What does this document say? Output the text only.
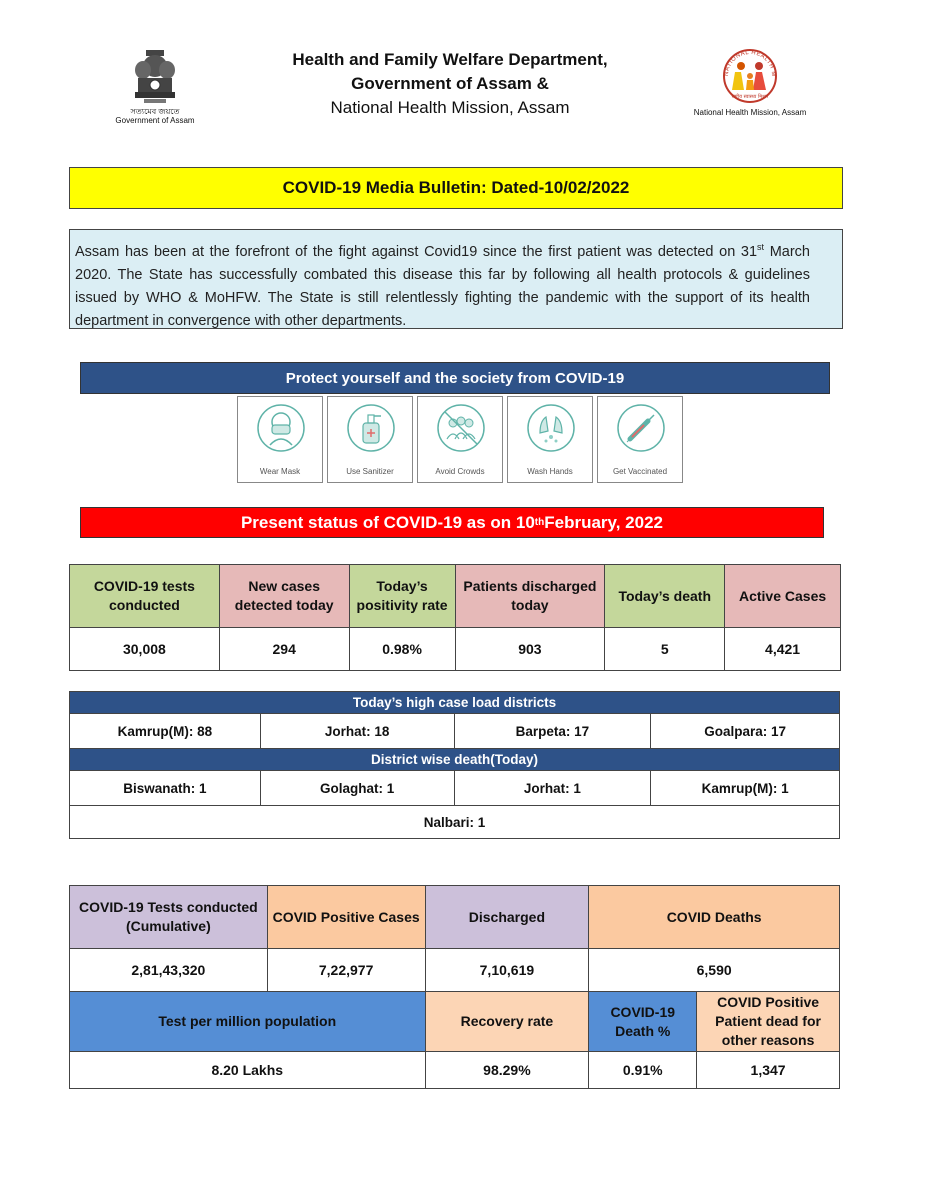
সত্যমেব জয়তে
Government of Assam
Health and Family Welfare Department,
Government of Assam &
National Health Mission, Assam
NATIONAL HEALTH M
राष्ट्रीय स्वास्थ्य मिशन
National Health Mission, Assam
COVID-19 Media Bulletin: Dated-10/02/2022
Assam has been at the forefront of the fight against Covid19 since the first patient was detected on 31st March 2020. The State has successfully combated this disease this far by following all health protocols & guidelines issued by WHO & MoHFW. The State is still relentlessly fighting the pandemic with the support of its health department in convergence with other departments.
Protect yourself and the society from COVID-19
Wear Mask	Use Sanitizer	Avoid Crowds	Wash Hands	Get Vaccinated
Present status of COVID-19 as on 10 th February, 2022
COVID-19 tests conducted	New cases detected today	Today’s positivity rate	Patients discharged today	Today’s death	Active Cases
30,008	294	0.98%	903	5	4,421
Today’s high case load districts			
Kamrup(M): 88	Jorhat: 18	Barpeta: 17	Goalpara: 17
District wise death(Today)			
Biswanath: 1	Golaghat: 1	Jorhat: 1	Kamrup(M): 1
Nalbari: 1			
COVID-19 Tests conducted (Cumulative)	COVID Positive Cases	Discharged	COVID Deaths	
2,81,43,320	7,22,977	7,10,619	6,590	
Test per million population		Recovery rate	COVID-19 Death %	COVID Positive Patient dead for other reasons
8.20 Lakhs		98.29%	0.91%	1,347
